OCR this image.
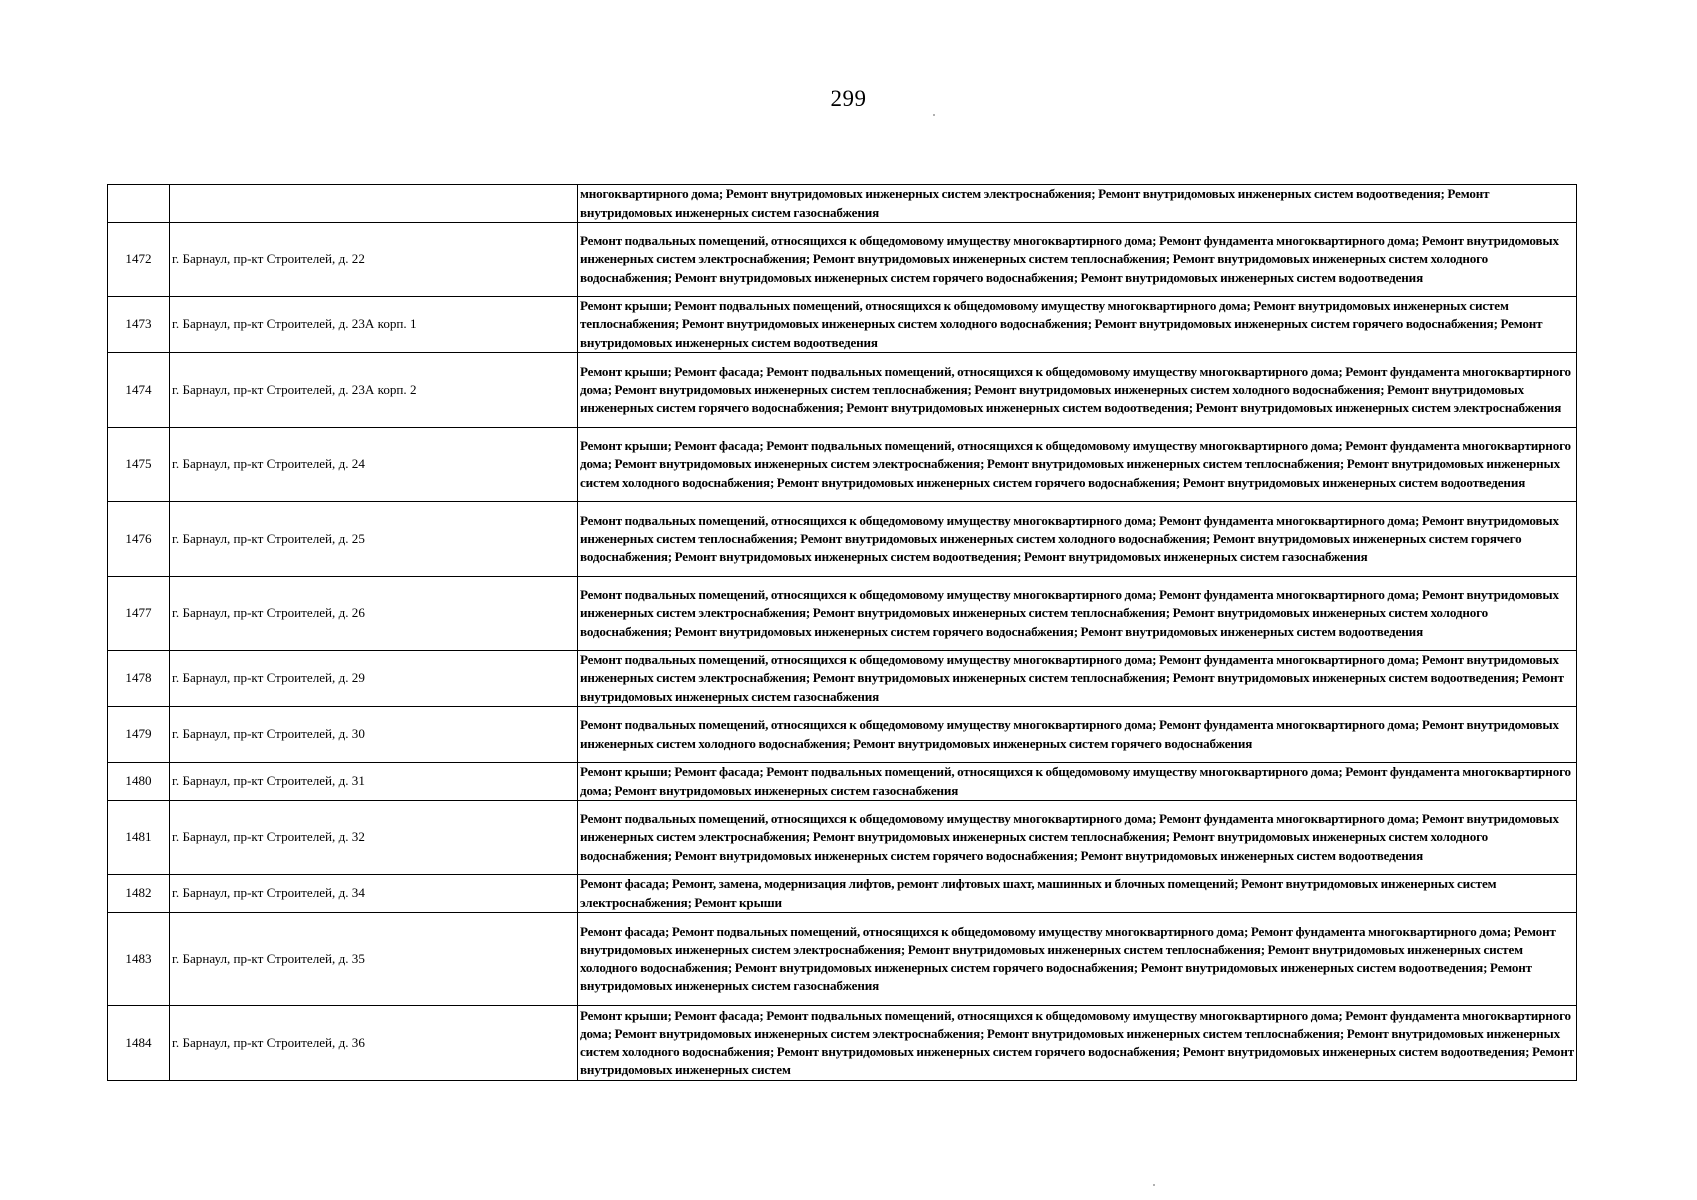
299
		многоквартирного дома; Ремонт внутридомовых инженерных систем электроснабжения; Ремонт внутридомовых инженерных систем водоотведения; Ремонт внутридомовых инженерных систем газоснабжения
1472	г. Барнаул, пр-кт Строителей, д. 22	Ремонт подвальных помещений, относящихся к общедомовому имуществу многоквартирного дома; Ремонт фундамента многоквартирного дома; Ремонт внутридомовых инженерных систем электроснабжения; Ремонт внутридомовых инженерных систем теплоснабжения; Ремонт внутридомовых инженерных систем холодного водоснабжения; Ремонт внутридомовых инженерных систем горячего водоснабжения; Ремонт внутридомовых инженерных систем водоотведения
1473	г. Барнаул, пр-кт Строителей, д. 23А корп. 1	Ремонт крыши; Ремонт подвальных помещений, относящихся к общедомовому имуществу многоквартирного дома; Ремонт внутридомовых инженерных систем теплоснабжения; Ремонт внутридомовых инженерных систем холодного водоснабжения; Ремонт внутридомовых инженерных систем горячего водоснабжения; Ремонт внутридомовых инженерных систем водоотведения
1474	г. Барнаул, пр-кт Строителей, д. 23А корп. 2	Ремонт крыши; Ремонт фасада; Ремонт подвальных помещений, относящихся к общедомовому имуществу многоквартирного дома; Ремонт фундамента многоквартирного дома; Ремонт внутридомовых инженерных систем теплоснабжения; Ремонт внутридомовых инженерных систем холодного водоснабжения; Ремонт внутридомовых инженерных систем горячего водоснабжения; Ремонт внутридомовых инженерных систем водоотведения; Ремонт внутридомовых инженерных систем электроснабжения
1475	г. Барнаул, пр-кт Строителей, д. 24	Ремонт крыши; Ремонт фасада; Ремонт подвальных помещений, относящихся к общедомовому имуществу многоквартирного дома; Ремонт фундамента многоквартирного дома; Ремонт внутридомовых инженерных систем электроснабжения; Ремонт внутридомовых инженерных систем теплоснабжения; Ремонт внутридомовых инженерных систем холодного водоснабжения; Ремонт внутридомовых инженерных систем горячего водоснабжения; Ремонт внутридомовых инженерных систем водоотведения
1476	г. Барнаул, пр-кт Строителей, д. 25	Ремонт подвальных помещений, относящихся к общедомовому имуществу многоквартирного дома; Ремонт фундамента многоквартирного дома; Ремонт внутридомовых инженерных систем теплоснабжения; Ремонт внутридомовых инженерных систем холодного водоснабжения; Ремонт внутридомовых инженерных систем горячего водоснабжения; Ремонт внутридомовых инженерных систем водоотведения; Ремонт внутридомовых инженерных систем газоснабжения
1477	г. Барнаул, пр-кт Строителей, д. 26	Ремонт подвальных помещений, относящихся к общедомовому имуществу многоквартирного дома; Ремонт фундамента многоквартирного дома; Ремонт внутридомовых инженерных систем электроснабжения; Ремонт внутридомовых инженерных систем теплоснабжения; Ремонт внутридомовых инженерных систем холодного водоснабжения; Ремонт внутридомовых инженерных систем горячего водоснабжения; Ремонт внутридомовых инженерных систем водоотведения
1478	г. Барнаул, пр-кт Строителей, д. 29	Ремонт подвальных помещений, относящихся к общедомовому имуществу многоквартирного дома; Ремонт фундамента многоквартирного дома; Ремонт внутридомовых инженерных систем электроснабжения; Ремонт внутридомовых инженерных систем теплоснабжения; Ремонт внутридомовых инженерных систем водоотведения; Ремонт внутридомовых инженерных систем газоснабжения
1479	г. Барнаул, пр-кт Строителей, д. 30	Ремонт подвальных помещений, относящихся к общедомовому имуществу многоквартирного дома; Ремонт фундамента многоквартирного дома; Ремонт внутридомовых инженерных систем холодного водоснабжения; Ремонт внутридомовых инженерных систем горячего водоснабжения
1480	г. Барнаул, пр-кт Строителей, д. 31	Ремонт крыши; Ремонт фасада; Ремонт подвальных помещений, относящихся к общедомовому имуществу многоквартирного дома; Ремонт фундамента многоквартирного дома; Ремонт внутридомовых инженерных систем газоснабжения
1481	г. Барнаул, пр-кт Строителей, д. 32	Ремонт подвальных помещений, относящихся к общедомовому имуществу многоквартирного дома; Ремонт фундамента многоквартирного дома; Ремонт внутридомовых инженерных систем электроснабжения; Ремонт внутридомовых инженерных систем теплоснабжения; Ремонт внутридомовых инженерных систем холодного водоснабжения; Ремонт внутридомовых инженерных систем горячего водоснабжения; Ремонт внутридомовых инженерных систем водоотведения
1482	г. Барнаул, пр-кт Строителей, д. 34	Ремонт фасада; Ремонт, замена, модернизация лифтов, ремонт лифтовых шахт, машинных и блочных помещений; Ремонт внутридомовых инженерных систем электроснабжения; Ремонт крыши
1483	г. Барнаул, пр-кт Строителей, д. 35	Ремонт фасада; Ремонт подвальных помещений, относящихся к общедомовому имуществу многоквартирного дома; Ремонт фундамента многоквартирного дома; Ремонт внутридомовых инженерных систем электроснабжения; Ремонт внутридомовых инженерных систем теплоснабжения; Ремонт внутридомовых инженерных систем холодного водоснабжения; Ремонт внутридомовых инженерных систем горячего водоснабжения; Ремонт внутридомовых инженерных систем водоотведения; Ремонт внутридомовых инженерных систем газоснабжения
1484	г. Барнаул, пр-кт Строителей, д. 36	Ремонт крыши; Ремонт фасада; Ремонт подвальных помещений, относящихся к общедомовому имуществу многоквартирного дома; Ремонт фундамента многоквартирного дома; Ремонт внутридомовых инженерных систем электроснабжения; Ремонт внутридомовых инженерных систем теплоснабжения; Ремонт внутридомовых инженерных систем холодного водоснабжения; Ремонт внутридомовых инженерных систем горячего водоснабжения; Ремонт внутридомовых инженерных систем водоотведения; Ремонт внутридомовых инженерных систем
